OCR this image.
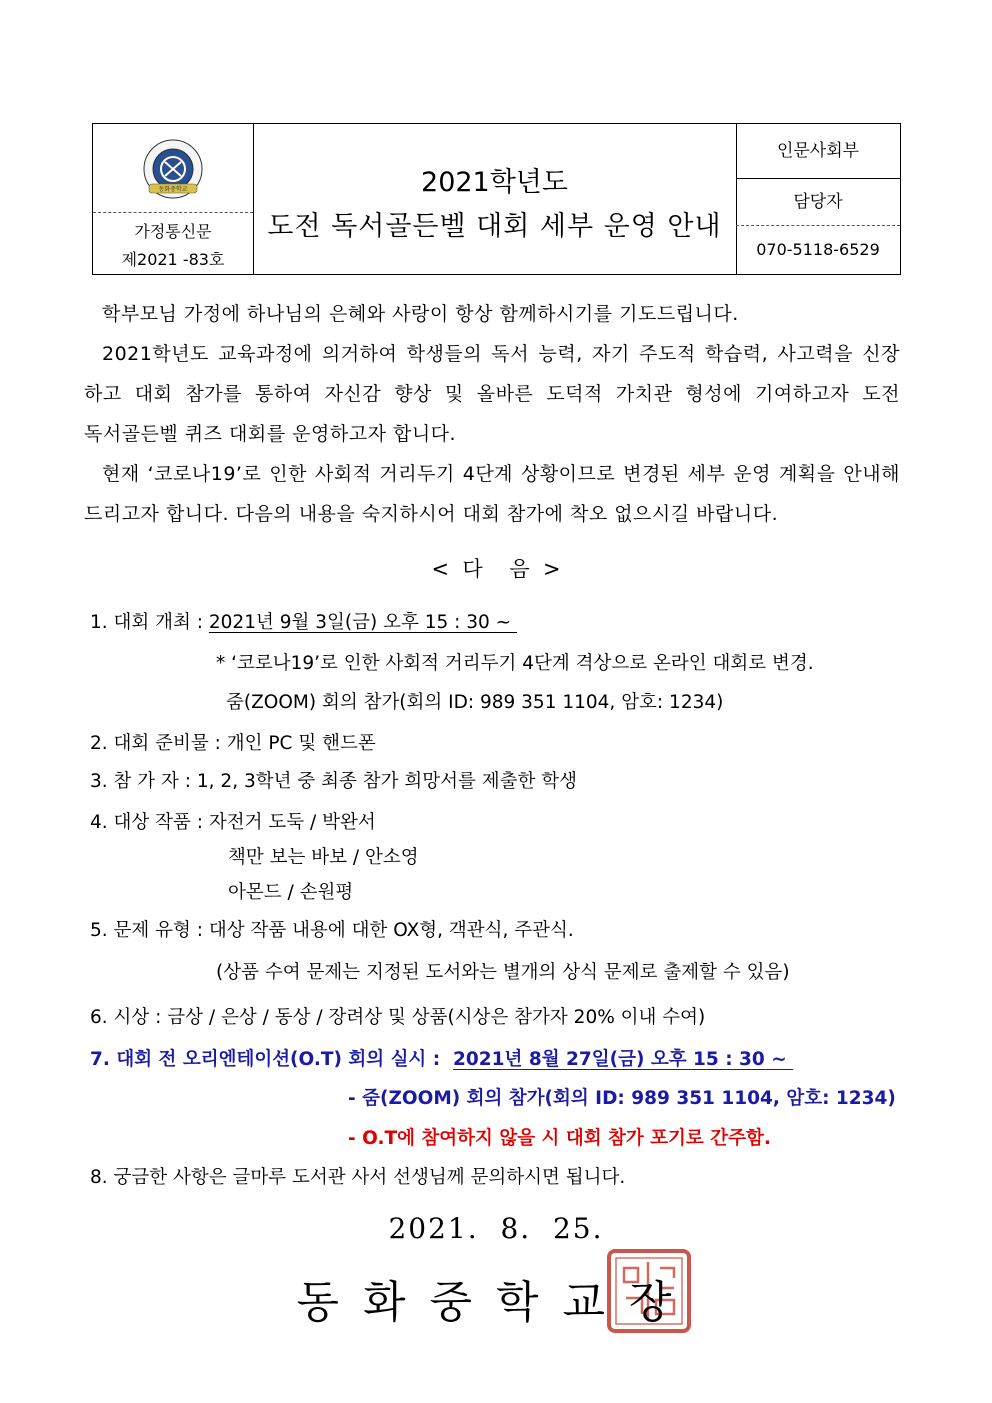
동화중학교
가정통신문
제2021 -83호
2021학년도
도전 독서골든벨 대회 세부 운영 안내
인문사회부
담당자
070-5118-6529

학부모님 가정에 하나님의 은혜와 사랑이 항상 함께하시기를 기도드립니다.

2021학년도 교육과정에 의거하여 학생들의 독서 능력, 자기 주도적 학습력, 사고력을 신장

하고 대회 참가를 통하여 자신감 향상 및 올바른 도덕적 가치관 형성에 기여하고자 도전

독서골든벨 퀴즈 대회를 운영하고자 합니다.

현재 ‘코로나19’로 인한 사회적 거리두기 4단계 상황이므로 변경된 세부 운영 계획을 안내해

드리고자 합니다. 다음의 내용을 숙지하시어 대회 참가에 착오 없으시길 바랍니다.

<  다    음  >
1. 대회 개최 : 2021년 9월 3일(금) 오후 15 : 30 ~
* ‘코로나19’로 인한 사회적 거리두기 4단계 격상으로 온라인 대회로 변경.
줌(ZOOM) 회의 참가(회의 ID: 989 351 1104, 암호: 1234)
2. 대회 준비물 : 개인 PC 및 핸드폰
3. 참 가 자 : 1, 2, 3학년 중 최종 참가 희망서를 제출한 학생
4. 대상 작품 : 자전거 도둑 / 박완서
책만 보는 바보 / 안소영
아몬드 / 손원평
5. 문제 유형 : 대상 작품 내용에 대한 OX형, 객관식, 주관식.
(상품 수여 문제는 지정된 도서와는 별개의 상식 문제로 출제할 수 있음)
6. 시상 : 금상 / 은상 / 동상 / 장려상 및 상품(시상은 참가자 20% 이내 수여)
7. 대회 전 오리엔테이션(O.T) 회의 실시 :  2021년 8월 27일(금) 오후 15 : 30 ~
- 줌(ZOOM) 회의 참가(회의 ID: 989 351 1104, 암호: 1234)
- O.T에 참여하지 않을 시 대회 참가 포기로 간주함.
8. 궁금한 사항은 글마루 도서관 사서 선생님께 문의하시면 됩니다.
2021.  8.  25.
동화중학교장
